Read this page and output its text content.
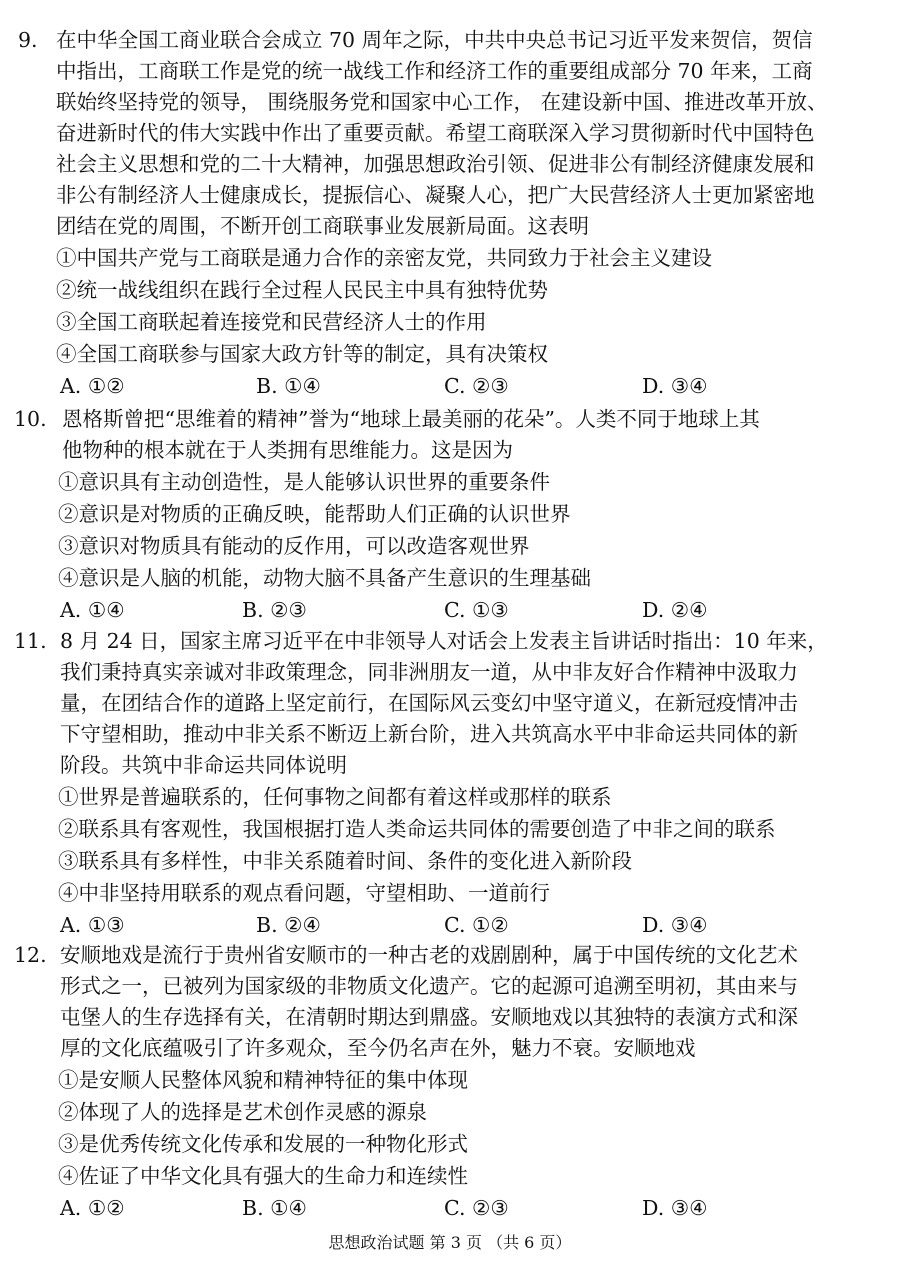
9. 在中华全国工商业联合会成立 70 周年之际，中共中央总书记习近平发来贺信，贺信
中指出，工商联工作是党的统一战线工作和经济工作的重要组成部分 70 年来，工商
联始终坚持党的领导， 围绕服务党和国家中心工作， 在建设新中国、推进改革开放、
奋进新时代的伟大实践中作出了重要贡献。希望工商联深入学习贯彻新时代中国特色
社会主义思想和党的二十大精神，加强思想政治引领、促进非公有制经济健康发展和
非公有制经济人士健康成长，提振信心、凝聚人心，把广大民营经济人士更加紧密地
团结在党的周围，不断开创工商联事业发展新局面。这表明
①中国共产党与工商联是通力合作的亲密友党，共同致力于社会主义建设
②统一战线组织在践行全过程人民民主中具有独特优势
③全国工商联起着连接党和民营经济人士的作用
④全国工商联参与国家大政方针等的制定，具有决策权
A. ①②	B. ①④	C. ②③	D. ③④
10. 恩格斯曾把“思维着的精神”誉为“地球上最美丽的花朵”。人类不同于地球上其
他物种的根本就在于人类拥有思维能力。这是因为
①意识具有主动创造性，是人能够认识世界的重要条件
②意识是对物质的正确反映，能帮助人们正确的认识世界
③意识对物质具有能动的反作用，可以改造客观世界
④意识是人脑的机能，动物大脑不具备产生意识的生理基础
A. ①④	B. ②③	C. ①③	D. ②④
11. 8 月 24 日，国家主席习近平在中非领导人对话会上发表主旨讲话时指出：10 年来，
我们秉持真实亲诚对非政策理念，同非洲朋友一道，从中非友好合作精神中汲取力
量，在团结合作的道路上坚定前行，在国际风云变幻中坚守道义，在新冠疫情冲击
下守望相助，推动中非关系不断迈上新台阶，进入共筑高水平中非命运共同体的新
阶段。共筑中非命运共同体说明
①世界是普遍联系的，任何事物之间都有着这样或那样的联系
②联系具有客观性，我国根据打造人类命运共同体的需要创造了中非之间的联系
③联系具有多样性，中非关系随着时间、条件的变化进入新阶段
④中非坚持用联系的观点看问题，守望相助、一道前行
A. ①③	B. ②④	C. ①②	D. ③④
12. 安顺地戏是流行于贵州省安顺市的一种古老的戏剧剧种，属于中国传统的文化艺术
形式之一，已被列为国家级的非物质文化遗产。它的起源可追溯至明初，其由来与
屯堡人的生存选择有关，在清朝时期达到鼎盛。安顺地戏以其独特的表演方式和深
厚的文化底蕴吸引了许多观众，至今仍名声在外，魅力不衰。安顺地戏
①是安顺人民整体风貌和精神特征的集中体现
②体现了人的选择是艺术创作灵感的源泉
③是优秀传统文化传承和发展的一种物化形式
④佐证了中华文化具有强大的生命力和连续性
A. ①②	B. ①④	C. ②③	D. ③④
思想政治试题 第 3 页 （共 6 页）
